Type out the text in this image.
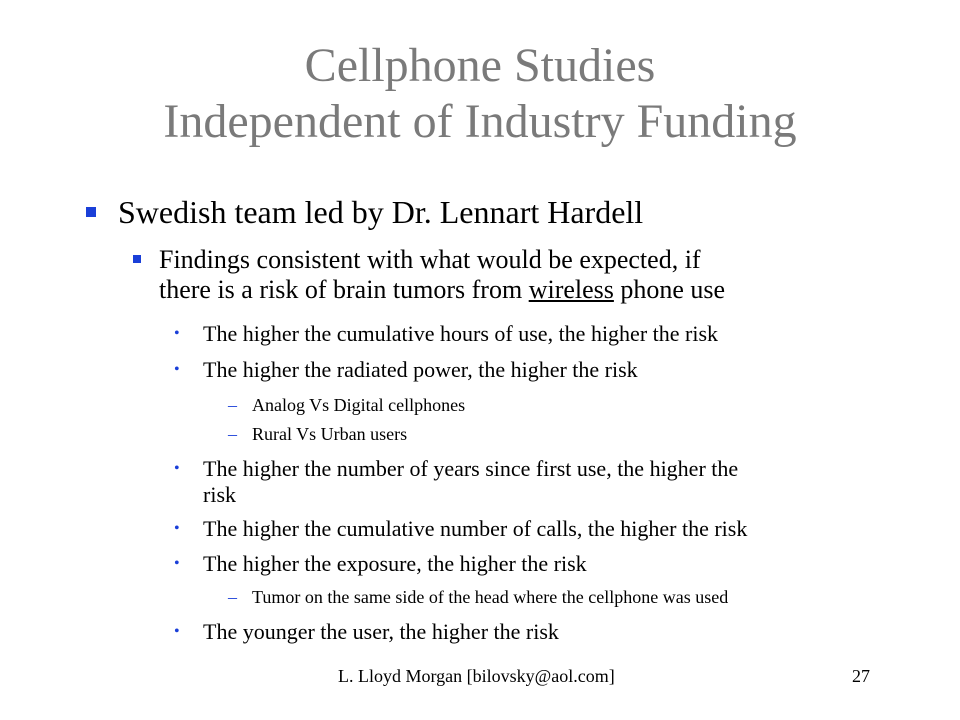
Cellphone Studies
Independent of Industry Funding
Swedish team led by Dr. Lennart Hardell
Findings consistent with what would be expected, if
there is a risk of brain tumors from wireless phone use
• The higher the cumulative hours of use, the higher the risk
• The higher the radiated power, the higher the risk
– Analog Vs Digital cellphones
– Rural Vs Urban users
• The higher the number of years since first use, the higher the
risk
• The higher the cumulative number of calls, the higher the risk
• The higher the exposure, the higher the risk
– Tumor on the same side of the head where the cellphone was used
• The younger the user, the higher the risk
L. Lloyd Morgan [bilovsky@aol.com]	27
